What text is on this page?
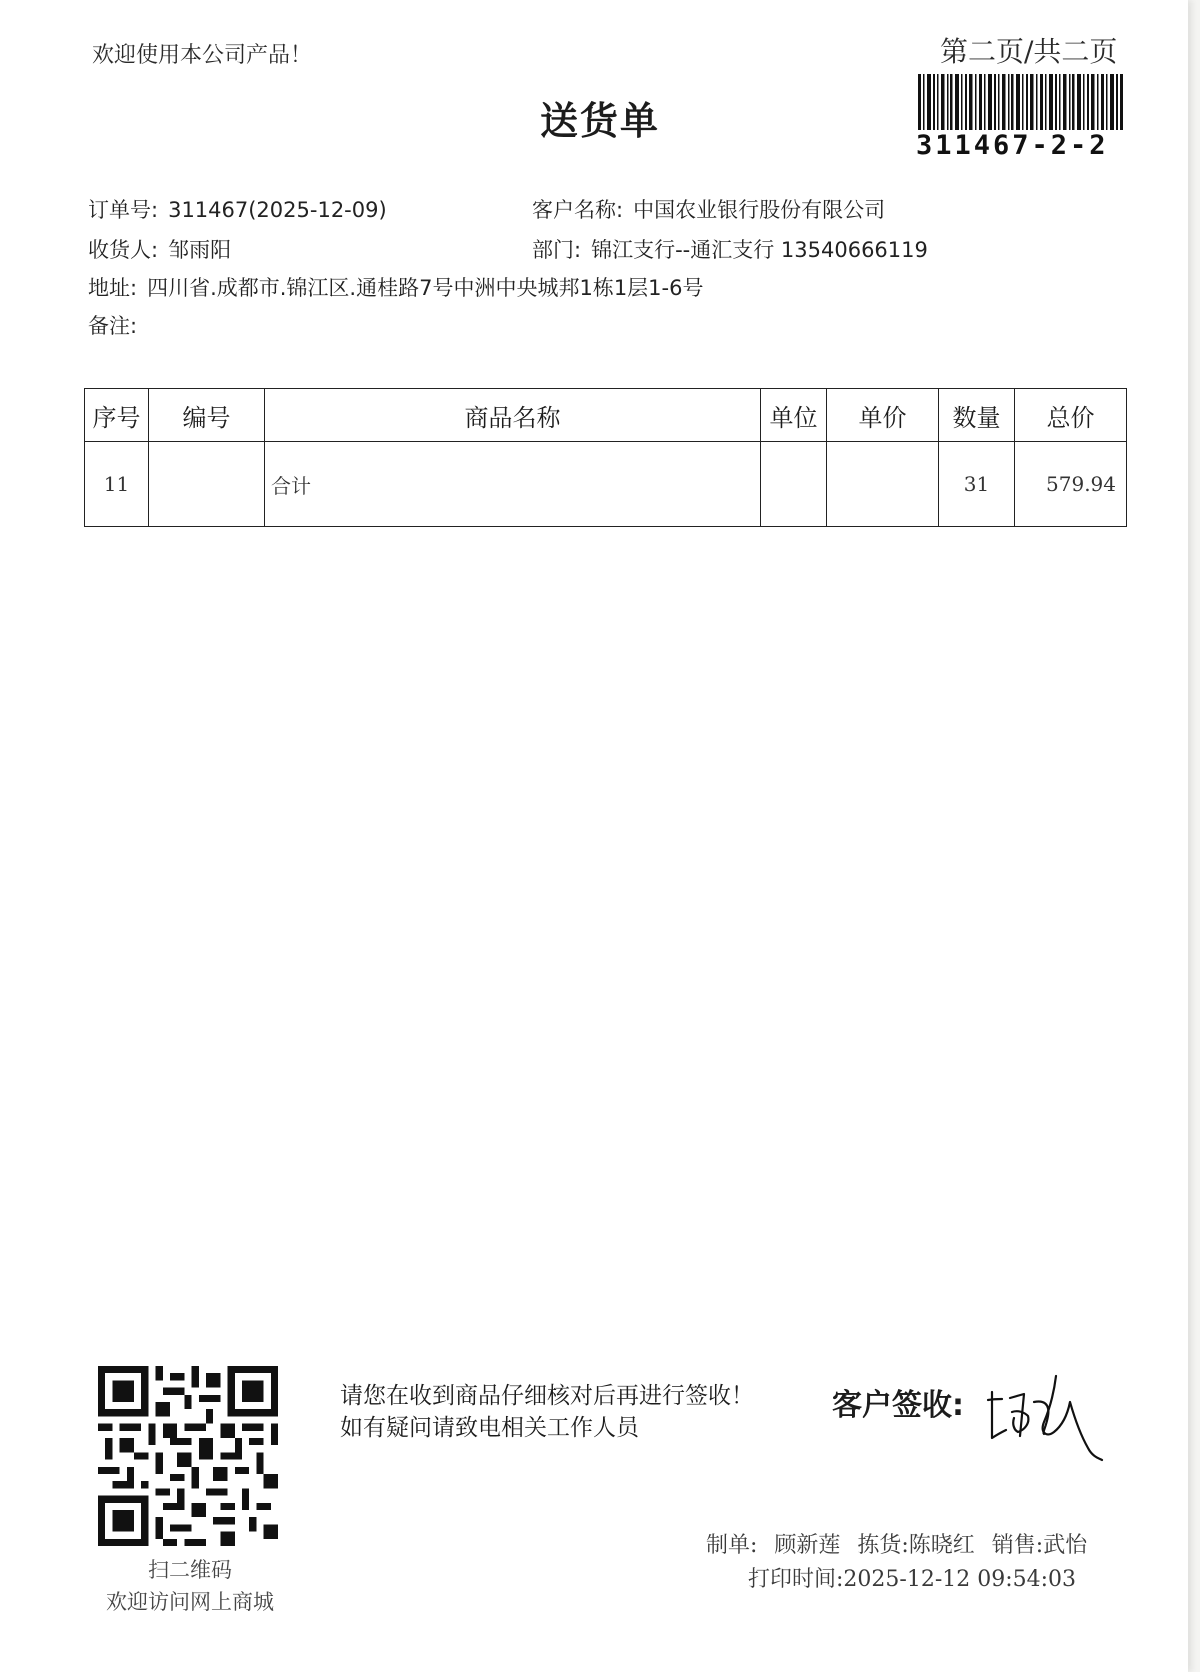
欢迎使用本公司产品！	第二页/共二页
311467-2-2
送货单
订单号: 311467(2025-12-09)	客户名称: 中国农业银行股份有限公司
收货人: 邹雨阳	部门: 锦江支行--通汇支行 13540666119
地址: 四川省.成都市.锦江区.通桂路7号中洲中央城邦1栋1层1-6号
备注:
序号	编号	商品名称	单位	单价	数量	总价
11		合计			31	579.94
扫二维码
欢迎访问网上商城
请您在收到商品仔细核对后再进行签收！如有疑问请致电相关工作人员
客户签收:
制单: 顾新莲 拣货:陈晓红 销售:武怡
打印时间:2025-12-12 09:54:03
